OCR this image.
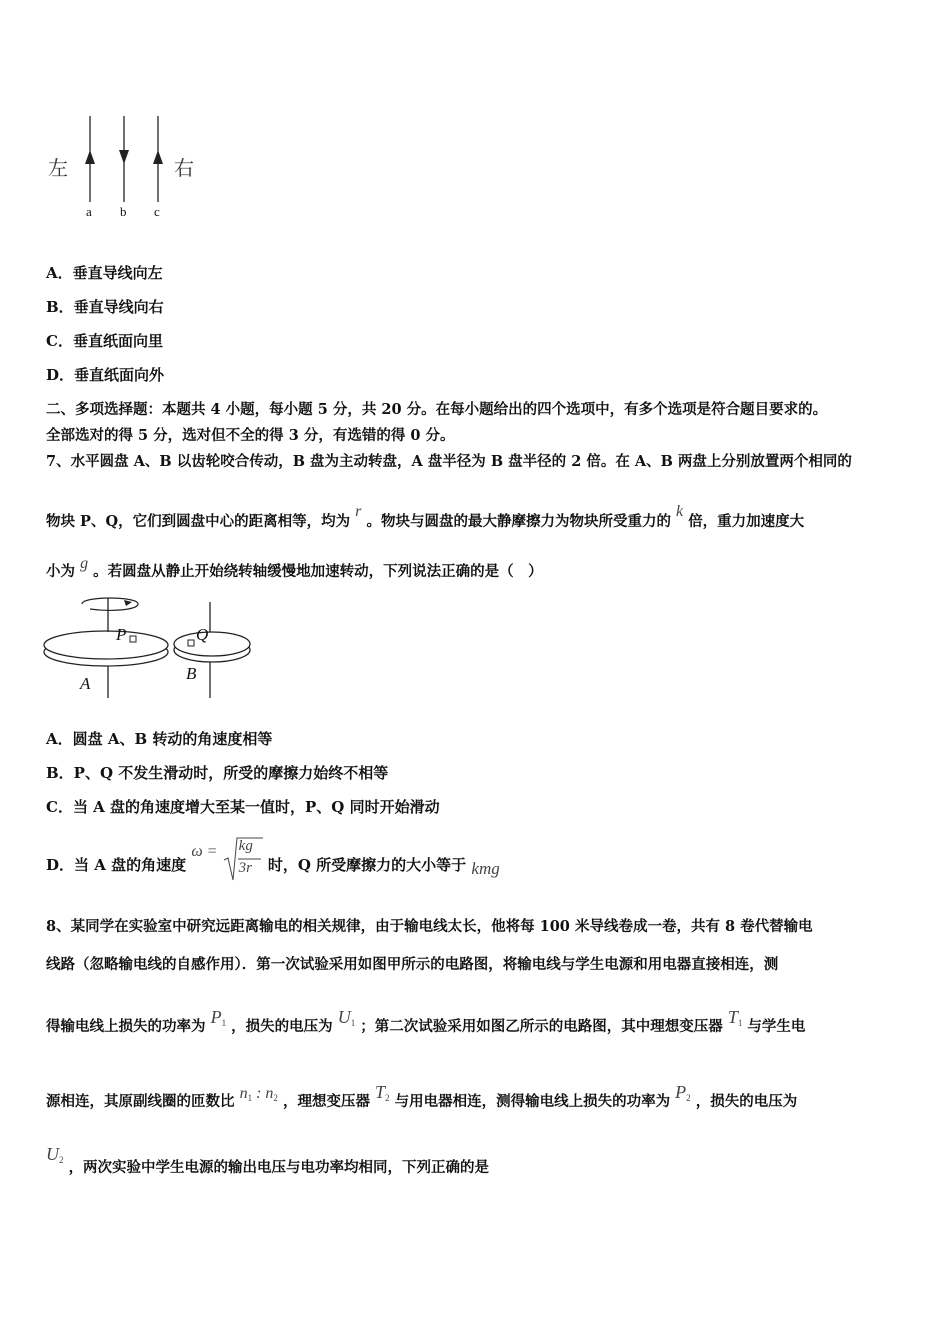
左	右
a b c
A．垂直导线向左
B．垂直导线向右
C．垂直纸面向里
D．垂直纸面向外
二、多项选择题：本题共 4 小题，每小题 5 分，共 20 分。在每小题给出的四个选项中，有多个选项是符合题目要求的。
全部选对的得 5 分，选对但不全的得 3 分，有选错的得 0 分。
7、水平圆盘 A、B 以齿轮咬合传动，B 盘为主动转盘，A 盘半径为 B 盘半径的 2 倍。在 A、B 两盘上分别放置两个相同的
物块 P、Q，它们到圆盘中心的距离相等，均为 r 。物块与圆盘的最大静摩擦力为物块所受重力的 k 倍，重力加速度大
小为 g 。若圆盘从静止开始绕转轴缓慢地加速转动，下列说法正确的是（　）
P	Q
A
B
A．圆盘 A、B 转动的角速度相等
B．P、Q 不发生滑动时，所受的摩擦力始终不相等
C．当 A 盘的角速度增大至某一值时，P、Q 同时开始滑动
D．当 A 盘的角速度 ω = kg
3r 时，Q 所受摩擦力的大小等于 kmg
8、某同学在实验室中研究远距离输电的相关规律，由于输电线太长，他将每 100 米导线卷成一卷，共有 8 卷代替输电
线路（忽略输电线的自感作用）．第一次试验采用如图甲所示的电路图，将输电线与学生电源和用电器直接相连，测
得输电线上损失的功率为 $P_1$ ，损失的电压为 $U_1$ ；第二次试验采用如图乙所示的电路图，其中理想变压器 $T_1$ 与学生电
源相连，其原副线圈的匝数比 $n_1$ : $n_2$ ，理想变压器 $T_2$ 与用电器相连，测得输电线上损失的功率为 $P_2$ ，损失的电压为
$U_2$ ，两次实验中学生电源的输出电压与电功率均相同，下列正确的是
